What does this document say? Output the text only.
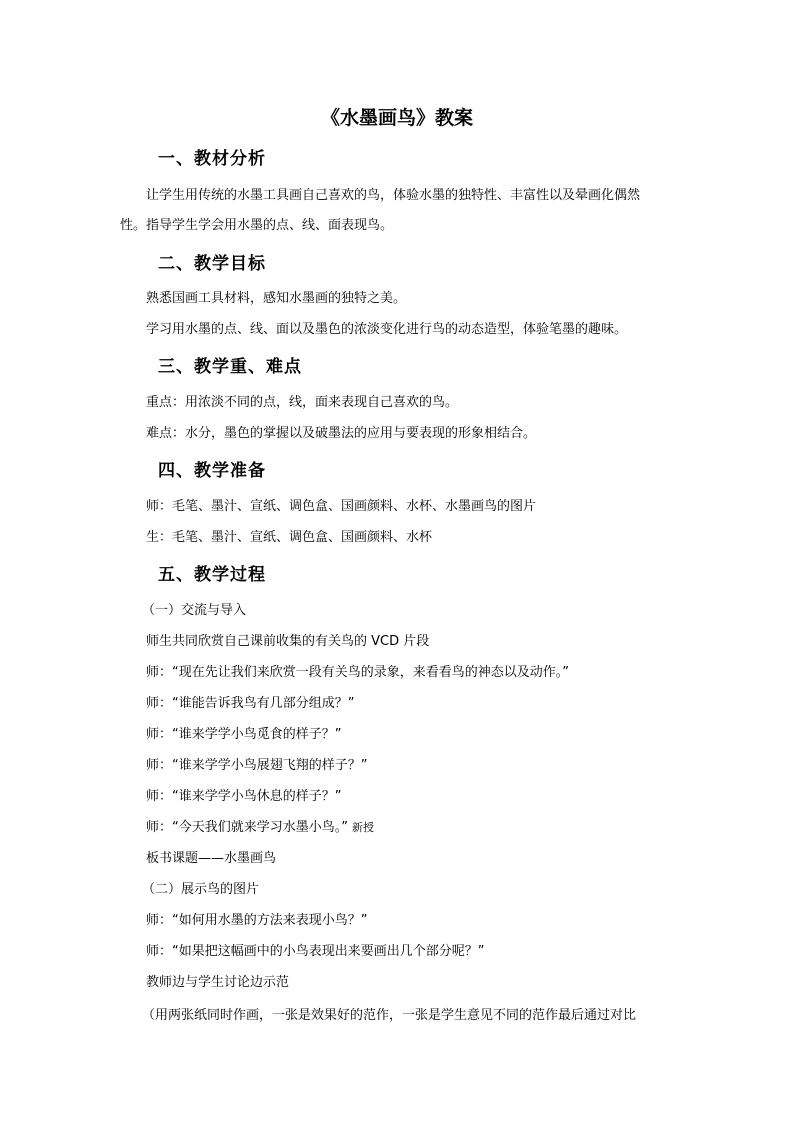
《水墨画鸟》教案
一、教材分析
让学生用传统的水墨工具画自己喜欢的鸟，体验水墨的独特性、丰富性以及晕画化偶然
性。指导学生学会用水墨的点、线、面表现鸟。
二、教学目标
熟悉国画工具材料，感知水墨画的独特之美。
学习用水墨的点、线、面以及墨色的浓淡变化进行鸟的动态造型，体验笔墨的趣味。
三、教学重、难点
重点：用浓淡不同的点，线，面来表现自己喜欢的鸟。
难点：水分，墨色的掌握以及破墨法的应用与要表现的形象相结合。
四、教学准备
师：毛笔、墨汁、宣纸、调色盒、国画颜料、水杯、水墨画鸟的图片
生：毛笔、墨汁、宣纸、调色盒、国画颜料、水杯
五、教学过程
（一）交流与导入
师生共同欣赏自己课前收集的有关鸟的 VCD 片段
师：“现在先让我们来欣赏一段有关鸟的录象，来看看鸟的神态以及动作。”
师：“谁能告诉我鸟有几部分组成？”
师：“谁来学学小鸟觅食的样子？”
师：“谁来学学小鸟展翅飞翔的样子？”
师：“谁来学学小鸟休息的样子？”
师：“今天我们就来学习水墨小鸟。” 新授
板书课题——水墨画鸟
（二）展示鸟的图片
师：“如何用水墨的方法来表现小鸟？”
师：“如果把这幅画中的小鸟表现出来要画出几个部分呢？”
教师边与学生讨论边示范
（用两张纸同时作画，一张是效果好的范作，一张是学生意见不同的范作最后通过对比
